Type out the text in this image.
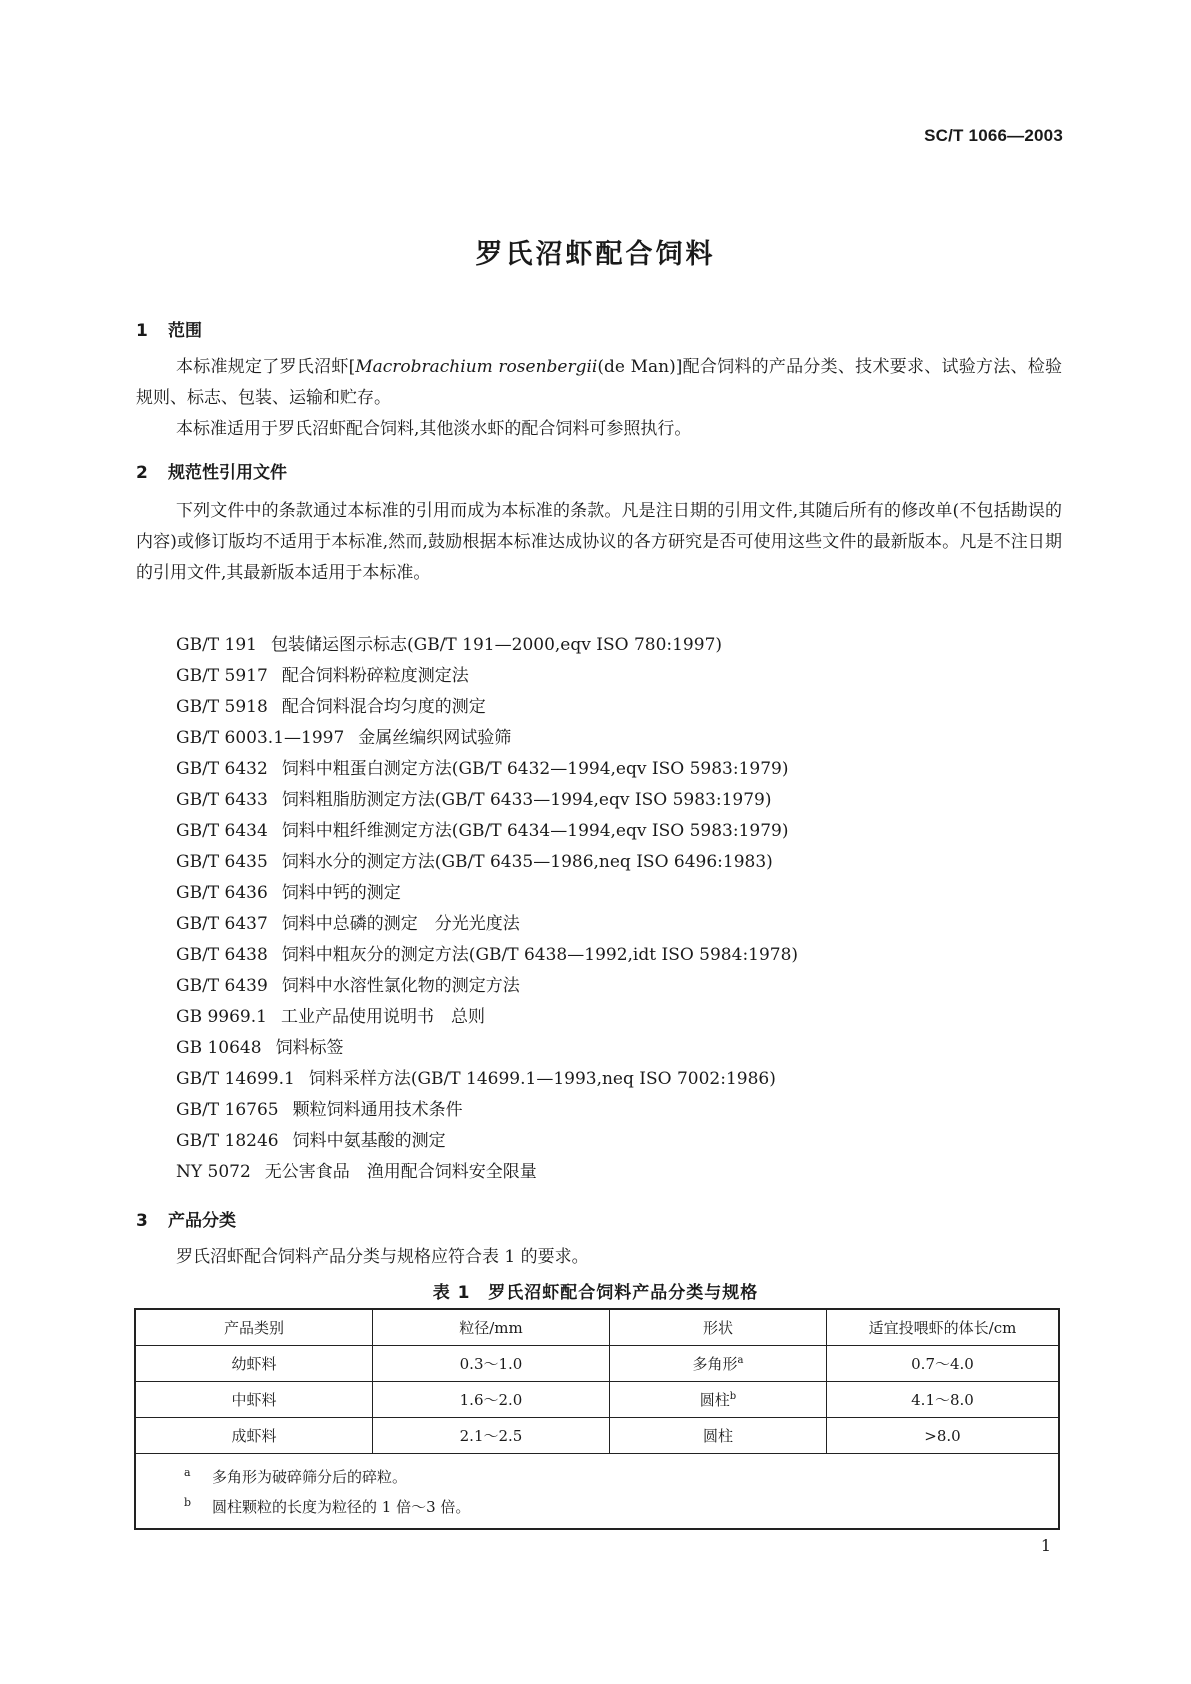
SC/T 1066—2003
罗氏沼虾配合饲料
1 范围

本标准规定了罗氏沼虾[Macrobrachium rosenbergii(de Man)]配合饲料的产品分类、技术要求、试验方法、检验规则、标志、包装、运输和贮存。

本标准适用于罗氏沼虾配合饲料,其他淡水虾的配合饲料可参照执行。

2 规范性引用文件

下列文件中的条款通过本标准的引用而成为本标准的条款。凡是注日期的引用文件,其随后所有的修改单(不包括勘误的内容)或修订版均不适用于本标准,然而,鼓励根据本标准达成协议的各方研究是否可使用这些文件的最新版本。凡是不注日期的引用文件,其最新版本适用于本标准。

GB/T 191 包装储运图示标志(GB/T 191—2000,eqv ISO 780:1997)
GB/T 5917 配合饲料粉碎粒度测定法
GB/T 5918 配合饲料混合均匀度的测定
GB/T 6003.1—1997 金属丝编织网试验筛
GB/T 6432 饲料中粗蛋白测定方法(GB/T 6432—1994,eqv ISO 5983:1979)
GB/T 6433 饲料粗脂肪测定方法(GB/T 6433—1994,eqv ISO 5983:1979)
GB/T 6434 饲料中粗纤维测定方法(GB/T 6434—1994,eqv ISO 5983:1979)
GB/T 6435 饲料水分的测定方法(GB/T 6435—1986,neq ISO 6496:1983)
GB/T 6436 饲料中钙的测定
GB/T 6437 饲料中总磷的测定　分光光度法
GB/T 6438 饲料中粗灰分的测定方法(GB/T 6438—1992,idt ISO 5984:1978)
GB/T 6439 饲料中水溶性氯化物的测定方法
GB 9969.1 工业产品使用说明书　总则
GB 10648 饲料标签
GB/T 14699.1 饲料采样方法(GB/T 14699.1—1993,neq ISO 7002:1986)
GB/T 16765 颗粒饲料通用技术条件
GB/T 18246 饲料中氨基酸的测定
NY 5072 无公害食品　渔用配合饲料安全限量
3 产品分类

罗氏沼虾配合饲料产品分类与规格应符合表 1 的要求。

表 1 罗氏沼虾配合饲料产品分类与规格
产品类别	粒径/mm	形状	适宜投喂虾的体长/cm
幼虾料	0.3～1.0	多角形$^a$	0.7～4.0
中虾料	1.6～2.0	圆柱$^b$	4.1～8.0
成虾料	2.1～2.5	圆柱	>8.0

a 多角形为破碎筛分后的碎粒。
b 圆柱颗粒的长度为粒径的 1 倍～3 倍。			
1
